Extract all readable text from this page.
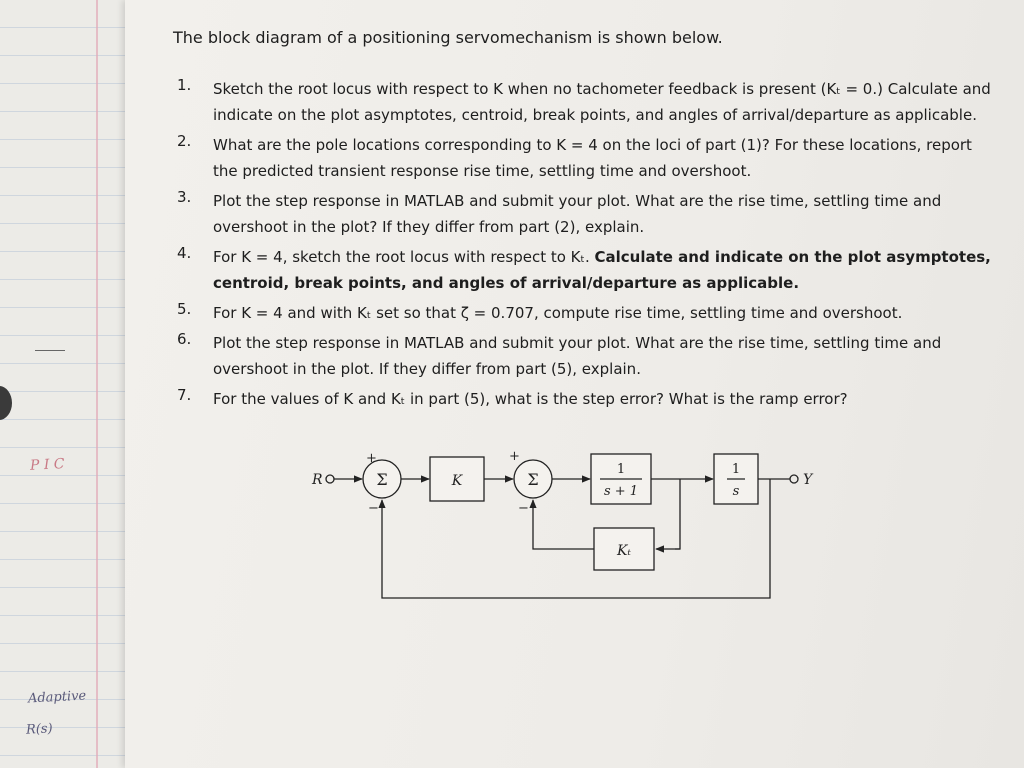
P I C
Adaptive
R(s)
The block diagram of a positioning servomechanism is shown below.
1. Sketch the root locus with respect to K when no tachometer feedback is present (Kₜ = 0.) Calculate and indicate on the plot asymptotes, centroid, break points, and angles of arrival/departure as applicable.
2. What are the pole locations corresponding to K = 4 on the loci of part (1)? For these locations, report the predicted transient response rise time, settling time and overshoot.
3. Plot the step response in MATLAB and submit your plot. What are the rise time, settling time and overshoot in the plot? If they differ from part (2), explain.
4. For K = 4, sketch the root locus with respect to Kₜ. Calculate and indicate on the plot asymptotes, centroid, break points, and angles of arrival/departure as applicable.
5. For K = 4 and with Kₜ set so that ζ = 0.707, compute rise time, settling time and overshoot.
6. Plot the step response in MATLAB and submit your plot. What are the rise time, settling time and overshoot in the plot. If they differ from part (5), explain.
7. For the values of K and Kₜ in part (5), what is the step error? What is the ramp error?
R	Σ
+
−
K	Σ
+
−
1
s + 1
1
s
Y
Kₜ
